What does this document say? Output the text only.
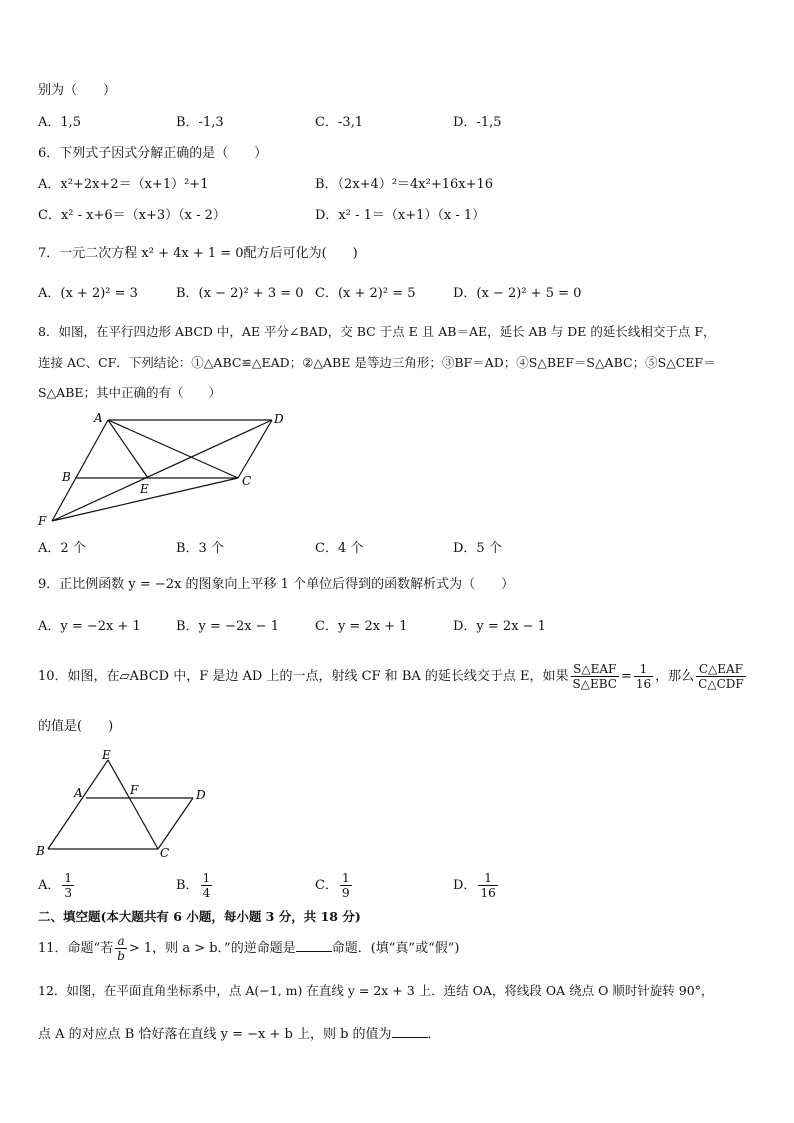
别为（　　）
A．1,5	B．-1,3	C．-3,1	D．-1,5
6．下列式子因式分解正确的是（　　）
A．x²+2x+2＝（x+1）²+1	B．（2x+4）²＝4x²+16x+16
C．x² - x+6＝（x+3）（x - 2）	D．x² - 1＝（x+1）（x - 1）
7．一元二次方程 x² + 4x + 1 = 0配方后可化为(　　)
A．(x + 2)² = 3	B．(x − 2)² + 3 = 0 C．(x + 2)² = 5	D．(x − 2)² + 5 = 0
8．如图，在平行四边形 ABCD 中，AE 平分∠BAD，交 BC 于点 E 且 AB＝AE，延长 AB 与 DE 的延长线相交于点 F，
连接 AC、CF．下列结论：①△ABC≌△EAD；②△ABE 是等边三角形；③BF＝AD；④S△BEF＝S△ABC；⑤S△CEF＝
S△ABE；其中正确的有（　　）
A	D
B
E
C
F
A．2 个	B．3 个	C．4 个	D．5 个
9．正比例函数 y = −2x 的图象向上平移 1 个单位后得到的函数解析式为（　　）
A．y = −2x + 1	B．y = −2x − 1	C．y = 2x + 1	D．y = 2x − 1
10．如图，在▱ABCD 中，F 是边 AD 上的一点，射线 CF 和 BA 的延长线交于点 E，如果 $\frac{\text{S△EAF}}{\text{S△EBC}} = \frac{1}{16}$ ，那么 $\frac{\text{C△EAF}}{\text{C△CDF}}$
的值是(　　)
E
A	F	D
B	C
A． $\frac{1}{3}$	B． $\frac{1}{4}$	C． $\frac{1}{9}$	D． $\frac{1}{16}$
二、填空题(本大题共有 6 小题，每小题 3 分，共 18 分)
11．命题“若 $\frac{a}{b} > 1$，则 a > b．”的逆命题是	命题．(填“真”或“假”)
12．如图，在平面直角坐标系中，点 A(−1, m) 在直线 y = 2x + 3 上．连结 OA，将线段 OA 绕点 O 顺时针旋转 90°，
点 A 的对应点 B 恰好落在直线 y = −x + b 上，则 b 的值为	．
